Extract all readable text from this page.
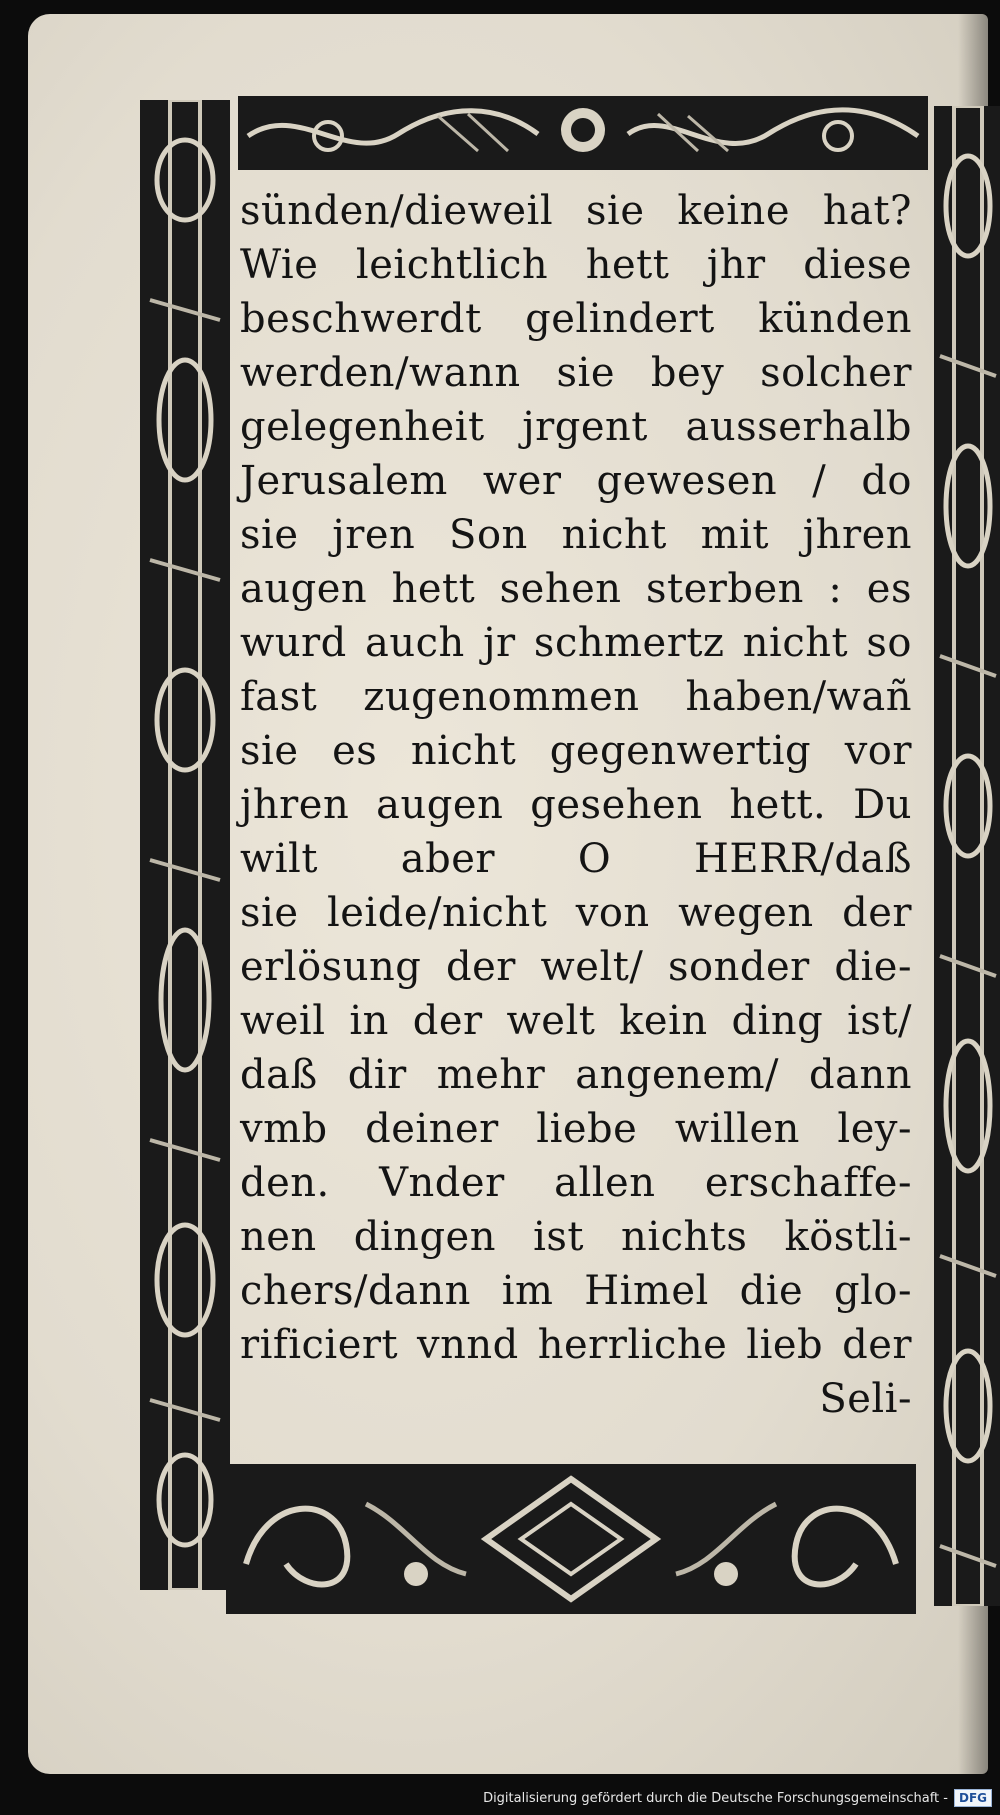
sünden/dieweil sie keine hat?
Wie leichtlich hett jhr diese
beschwerdt gelindert künden
werden/wann sie bey solcher
gelegenheit jrgent ausserhalb
Jerusalem wer gewesen / do
sie jren Son nicht mit jhren
augen hett sehen sterben : es
wurd auch jr schmertz nicht so
fast zugenommen haben/wañ
sie es nicht gegenwertig vor
jhren augen gesehen hett. Du
wilt aber O HERR/daß
sie leide/nicht von wegen der
erlösung der welt/ sonder die-
weil in der welt kein ding ist/
daß dir mehr angenem/ dann
vmb deiner liebe willen ley-
den. Vnder allen erschaffe-
nen dingen ist nichts köstli-
chers/dann im Himel die glo-
rificiert vnnd herrliche lieb der
Seli-
Digitalisierung gefördert durch die Deutsche Forschungsgemeinschaft - DFG
